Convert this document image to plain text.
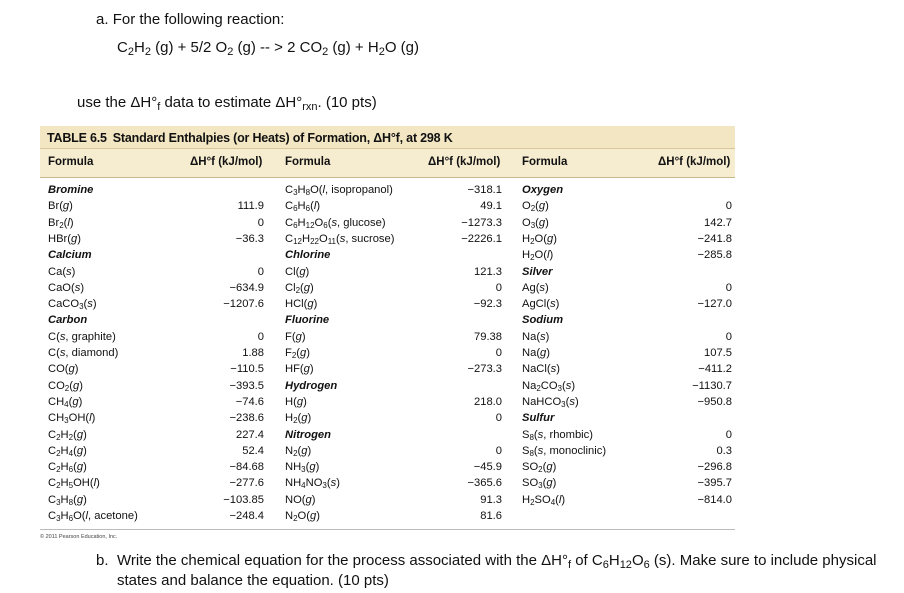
a. For the following reaction:
$C_2H_2$ (g) + 5/2 $O_2$ (g) -- > 2 $CO_2$ $(g) + H_2O$ (g)
use the $\Delta H^\circ_f$ data to estimate $\Delta H^\circ_{rxn}$. (10 pts)
TABLE 6.5 Standard Enthalpies (or Heats) of Formation, ΔH°f, at 298 K
Formula	ΔH°f (kJ/mol) Formula	ΔH°f (kJ/mol) Formula	ΔH°f (kJ/mol)
Bromine
Br(g)	111.9
$Br_2(l)$	0
HBr(g)	−36.3
Calcium
Ca(s)	0
CaO(s)	−634.9
CaCO$_3$(s)	−1207.6
Carbon
C(s, graphite)	0
C(s, diamond)	1.88
CO(g)	−110.5
$CO_2(g)$	−393.5
$CH_4(g)$	−74.6
$CH_3OH(l)$	−238.6
$C_2H_2(g)$	227.4
$C_2H_4(g)$	52.4
$C_2H_6(g)$	−84.68
$C_2H_5OH(l)$	−277.6
$C_3H_8(g)$	−103.85
$C_3H_6O(l$, acetone)	−248.4
$C_3H_8O(l$, isopropanol)	−318.1
$C_6H_6(l)$	49.1
$C_6H_{12}O_6(s$, glucose)	−1273.3
$C_{12}H_{22}O_{11}(s$, sucrose)	−2226.1
Chlorine
Cl(g)	121.3
$Cl_2(g)$	0
HCl(g)	−92.3
Fluorine
F(g)	79.38
$F_2(g)$	0
HF(g)	−273.3
Hydrogen
H(g)	218.0
$H_2(g)$	0
Nitrogen
$N_2(g)$	0
$NH_3(g)$	−45.9
$NH_4NO_3(s)$	−365.6
NO(g)	91.3
$N_2O(g)$	81.6
Oxygen
$O_2(g)$	0
$O_3(g)$	142.7
$H_2O(g)$	−241.8
$H_2O(l)$	−285.8
Silver
Ag(s)	0
AgCl(s)	−127.0
Sodium
Na(s)	0
Na(g)	107.5
NaCl(s)	−411.2
$Na_2CO_3(s)$	−1130.7
NaHCO$_3$(s)	−950.8
Sulfur
$S_8(s$, rhombic)	0
$S_8(s$, monoclinic)	0.3
$SO_2(g)$	−296.8
$SO_3(g)$	−395.7
$H_2SO_4(l)$	−814.0
© 2011 Pearson Education, Inc.
b. Write the chemical equation for the process associated with the $\Delta H^\circ_f$ of $C_6H_{12}O_6$ (s). Make sure to include physical states and balance the equation. (10 pts)
